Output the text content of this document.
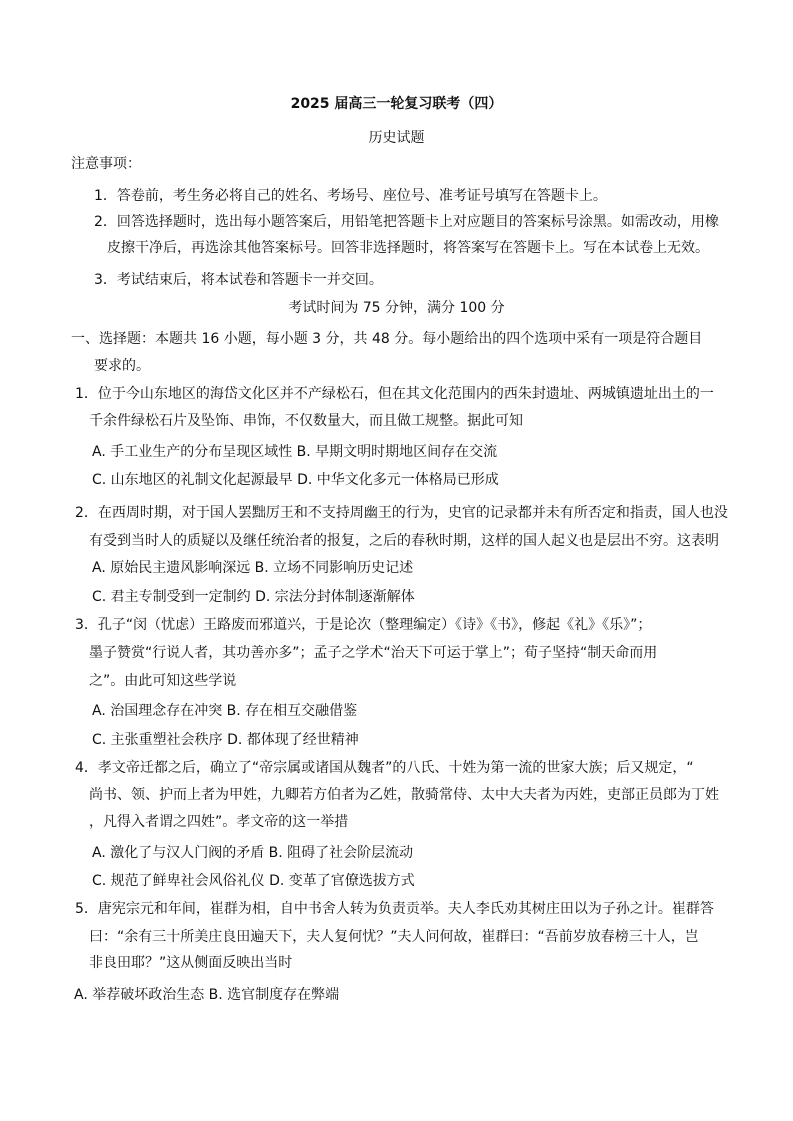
2025 届高三一轮复习联考（四）
历史试题
注意事项：
1．答卷前，考生务必将自己的姓名、考场号、座位号、准考证号填写在答题卡上。
2．回答选择题时，选出每小题答案后，用铅笔把答题卡上对应题目的答案标号涂黑。如需改动，用橡
皮擦干净后，再选涂其他答案标号。回答非选择题时，将答案写在答题卡上。写在本试卷上无效。
3．考试结束后，将本试卷和答题卡一并交回。
考试时间为 75 分钟，满分 100 分
一、选择题：本题共 16 小题，每小题 3 分，共 48 分。每小题给出的四个选项中采有一项是符合题目
要求的。
1．位于今山东地区的海岱文化区并不产绿松石，但在其文化范围内的西朱封遗址、两城镇遗址出土的一
千余件绿松石片及坠饰、串饰，不仅数量大，而且做工规整。据此可知
A. 手工业生产的分布呈现区域性 B. 早期文明时期地区间存在交流
C. 山东地区的礼制文化起源最早 D. 中华文化多元一体格局已形成
2．在西周时期，对于国人罢黜厉王和不支持周幽王的行为，史官的记录都并未有所否定和指责，国人也没
有受到当时人的质疑以及继任统治者的报复，之后的春秋时期，这样的国人起义也是层出不穷。这表明
A. 原始民主遗风影响深远 B. 立场不同影响历史记述
C. 君主专制受到一定制约 D. 宗法分封体制逐渐解体
3．孔子“闵（忧虑）王路废而邪道兴，于是论次（整理编定）《诗》《书》，修起《礼》《乐》”；
墨子赞赏“行说人者，其功善亦多”；孟子之学术“治天下可运于掌上”；荀子坚持“制天命而用
之”。由此可知这些学说
A. 治国理念存在冲突 B. 存在相互交融借鉴
C. 主张重塑社会秩序 D. 都体现了经世精神
4．孝文帝迁都之后，确立了“帝宗属或诸国从魏者”的八氏、十姓为第一流的世家大族；后又规定，“
尚书、领、护而上者为甲姓，九卿若方伯者为乙姓，散骑常侍、太中大夫者为丙姓，吏部正员郎为丁姓
，凡得入者谓之四姓”。孝文帝的这一举措
A. 激化了与汉人门阀的矛盾 B. 阻碍了社会阶层流动
C. 规范了鲜卑社会风俗礼仪 D. 变革了官僚选拔方式
5．唐宪宗元和年间，崔群为相，自中书舍人转为负责贡举。夫人李氏劝其树庄田以为子孙之计。崔群答
曰：“余有三十所美庄良田遍天下，夫人复何忧？”夫人问何故，崔群曰：“吾前岁放春榜三十人，岂
非良田耶？”这从侧面反映出当时
A. 举荐破坏政治生态 B. 选官制度存在弊端
